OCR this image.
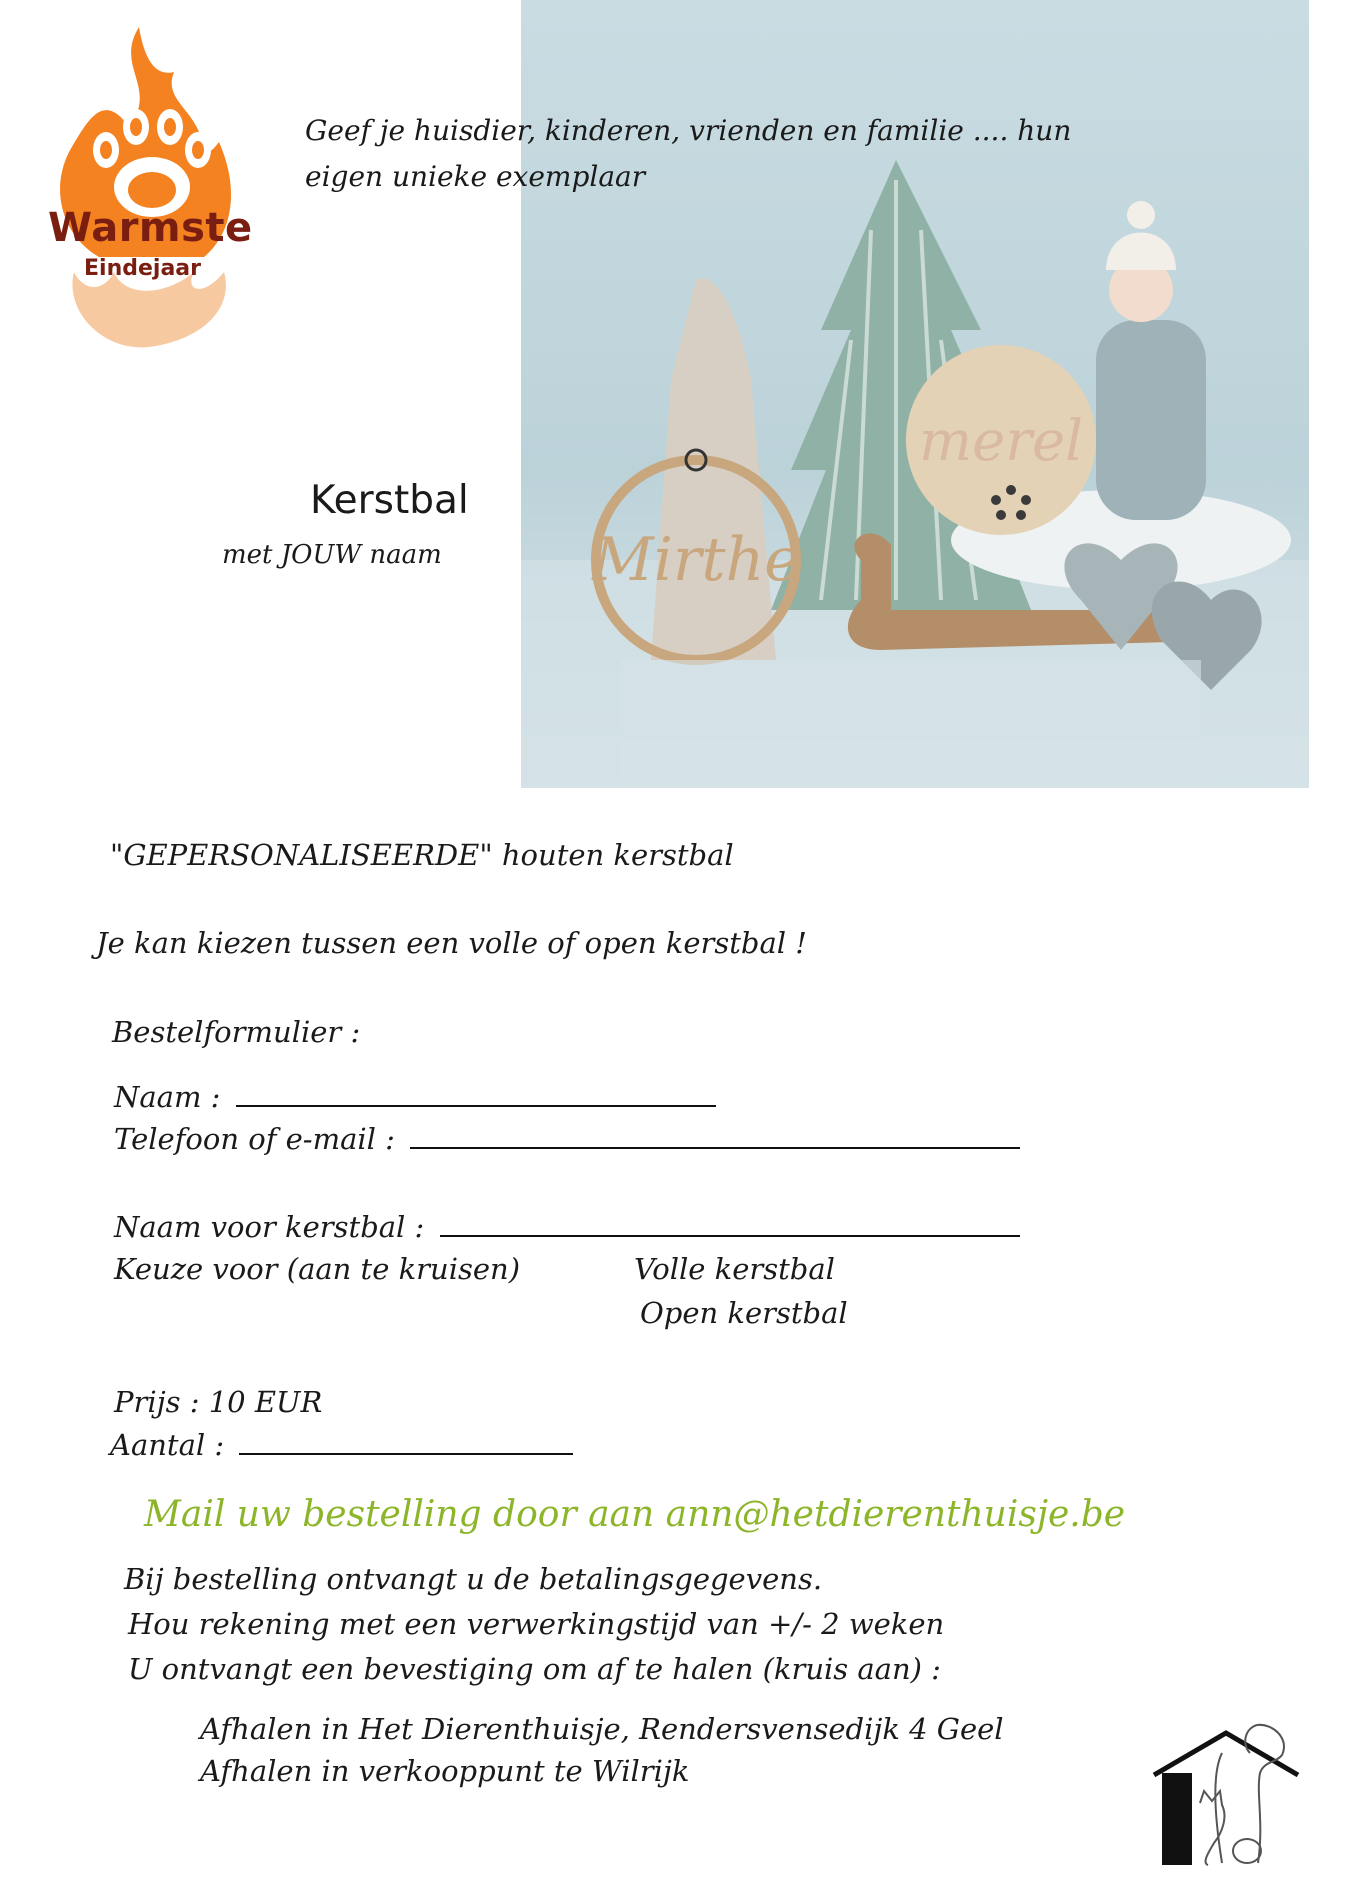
Warmste
Eindejaar
Mirthe
merel
Geef je huisdier, kinderen, vrienden en familie .... hun
eigen unieke exemplaar
Kerstbal
met JOUW naam
"GEPERSONALISEERDE" houten kerstbal
Je kan kiezen tussen een volle of open kerstbal !
Bestelformulier :
Naam :
Telefoon of e-mail :
Naam voor kerstbal :
Keuze voor (aan te kruisen)	Volle kerstbal
Open kerstbal
Prijs : 10 EUR
Aantal :
Mail uw bestelling door aan ann@hetdierenthuisje.be
Bij bestelling ontvangt u de betalingsgegevens.
Hou rekening met een verwerkingstijd van +/- 2 weken
U ontvangt een bevestiging om af te halen (kruis aan) :
Afhalen in Het Dierenthuisje, Rendersvensedijk 4 Geel
Afhalen in verkooppunt te Wilrijk
